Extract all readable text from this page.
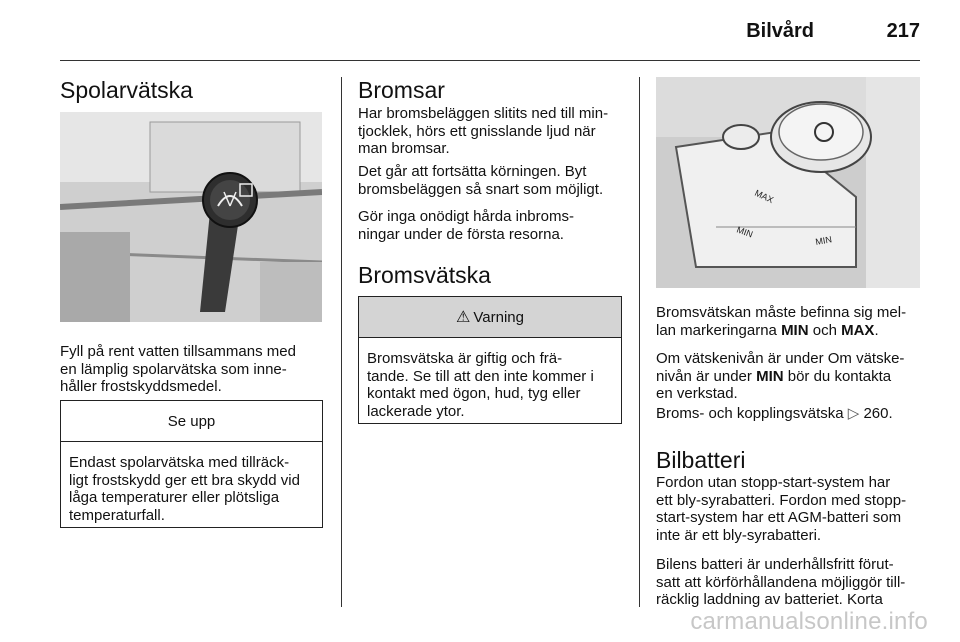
Bilvård	217
Spolarvätska

Fyll på rent vatten tillsammans med
en lämplig spolarvätska som inne-
håller frostskyddsmedel.

Se upp
Endast spolarvätska med tillräck-
ligt frostskydd ger ett bra skydd vid
låga temperaturer eller plötsliga
temperaturfall.
Bromsar

Har bromsbeläggen slitits ned till min-
tjocklek, hörs ett gnisslande ljud när
man bromsar.

Det går att fortsätta körningen. Byt
bromsbeläggen så snart som möjligt.

Gör inga onödigt hårda inbroms-
ningar under de första resorna.

Bromsvätska
⚠ Varning
Bromsvätska är giftig och frä-
tande. Se till att den inte kommer i
kontakt med ögon, hud, tyg eller
lackerade ytor.
MAX
MIN
MIN

Bromsvätskan måste befinna sig mel-
lan markeringarna MIN och MAX.

Om vätskenivån är under Om vätske-
nivån är under MIN bör du kontakta
en verkstad.

Broms- och kopplingsvätska ▷ 260.

Bilbatteri

Fordon utan stopp-start-system har
ett bly-syrabatteri. Fordon med stopp-
start-system har ett AGM-batteri som
inte är ett bly-syrabatteri.

Bilens batteri är underhållsfritt förut-
satt att körförhållandena möjliggör till-
räcklig laddning av batteriet. Korta

carmanualsonline.info
